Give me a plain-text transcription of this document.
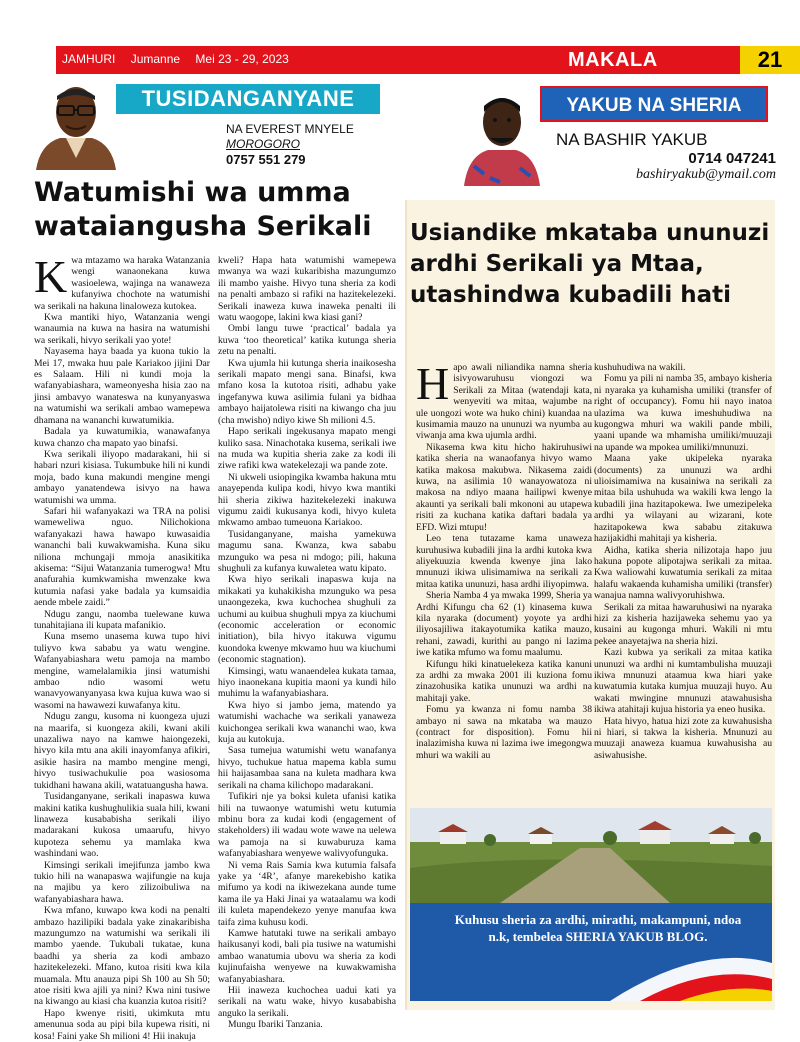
JAMHURI Jumanne Mei 23 - 29, 2023	MAKALA	21
TUSIDANGANYANE
NA EVEREST MNYELE
MOROGORO
0757 551 279
YAKUB NA SHERIA
NA BASHIR YAKUB
0714 047241
bashiryakub@ymail.com
Watumishi wa umma wataiangusha Serikali

Kwa mtazamo wa haraka Watanzania wengi wanaonekana kuwa wasioelewa, wajinga na wanaweza kufanyiwa chochote na watumishi wa serikali na hakuna linaloweza kutokea.

Kwa mantiki hiyo, Watanzania wengi wanaumia na kuwa na hasira na watumishi wa serikali, hivyo serikali yao yote!

Nayasema haya baada ya kuona tukio la Mei 17, mwaka huu pale Kariakoo jijini Dar es Salaam. Hili ni kundi moja la wafanyabiashara, wameonyesha hisia zao na jinsi ambavyo wanateswa na kunyanyaswa na watumishi wa serikali ambao wamepewa dhamana na wananchi kuwatumikia.

Badala ya kuwatumikia, wanawafanya kuwa chanzo cha mapato yao binafsi.

Kwa serikali iliyopo madarakani, hii si habari nzuri kisiasa. Tukumbuke hili ni kundi moja, bado kuna makundi mengine mengi ambayo yanatendewa isivyo na hawa watumishi wa umma.

Safari hii wafanyakazi wa TRA na polisi wameweliwa nguo. Nilichokiona wafanyakazi hawa hawapo kuwasaidia wananchi bali kuwakwamisha. Kuna siku niliona mchungaji mmoja anasikitika akisema: “Sijui Watanzania tumerogwa! Mtu anafurahia kumkwamisha mwenzake kwa kutumia nafasi yake badala ya kumsaidia aende mbele zaidi.”

Ndugu zangu, naomba tuelewane kuwa tunahitajiana ili kupata mafanikio.

Kuna msemo unasema kuwa tupo hivi tuliyvo kwa sababu ya watu wengine. Wafanyabiashara wetu pamoja na mambo mengine, wamelalamikia jinsi watumishi ambao ndio wasomi wetu wanavyowanyanyasa kwa kujua kuwa wao si wasomi na hawawezi kuwafanya kitu.

Ndugu zangu, kusoma ni kuongeza ujuzi na maarifa, si kuongeza akili, kwani akili unazaliwa nayo na kamwe haiongezeki, hivyo kila mtu ana akili inayomfanya afikiri, asikie hasira na mambo mengine mengi, hivyo tusiwachukulie poa wasiosoma tukidhani hawana akili, watatuangusha hawa.

Tusidanganyane, serikali inapaswa kuwa makini katika kushughulikia suala hili, kwani linaweza kusababisha serikali iliyo madarakani kukosa umaarufu, hivyo kupoteza sehemu ya mamlaka kwa washindani wao.

Kimsingi serikali imejifunza jambo kwa tukio hili na wanapaswa wajifungie na kuja na majibu ya kero zilizoibuliwa na wafanyabiashara hawa.

Kwa mfano, kuwapo kwa kodi na penalti ambazo hazilipiki badala yake zinakaribisha mazungumzo na watumishi wa serikali ili mambo yaende. Tukubali tukatae, kuna baadhi ya sheria za kodi ambazo hazitekelezeki. Mfano, kutoa risiti kwa kila muamala. Mtu anauza pipi Sh 100 au Sh 50; atoe risiti kwa ajili ya nini? Kwa nini tusiwe na kiwango au kiasi cha kuanzia kutoa risiti?

Hapo kwenye risiti, ukimkuta mtu amenunua soda au pipi bila kupewa risiti, ni kosa! Faini yake Sh milioni 4! Hii inakuja

kweli? Hapa hata watumishi wamepewa mwanya wa wazi kukaribisha mazungumzo ili mambo yaishe. Hivyo tuna sheria za kodi na penalti ambazo si rafiki na hazitekelezeki. Serikali inaweza kuwa inaweka penalti ili watu waogope, lakini kwa kiasi gani?

Ombi langu tuwe ‘practical’ badala ya kuwa ‘too theoretical’ katika kutunga sheria zetu na penalti.

Kwa ujumla hii kutunga sheria inaikosesha serikali mapato mengi sana. Binafsi, kwa mfano kosa la kutotoa risiti, adhabu yake ingefanywa kuwa asilimia fulani ya bidhaa ambayo haijatolewa risiti na kiwango cha juu (cha mwisho) ndiyo kiwe Sh milioni 4.5.

Hapo serikali ingekusanya mapato mengi kuliko sasa. Ninachotaka kusema, serikali iwe na muda wa kupitia sheria zake za kodi ili ziwe rafiki kwa watekelezaji wa pande zote.

Ni ukweli usiopingika kwamba hakuna mtu anayependa kulipa kodi, hivyo kwa mantiki hii sheria zikiwa hazitekelezeki inakuwa vigumu zaidi kukusanya kodi, hivyo kuleta mkwamo ambao tumeuona Kariakoo.

Tusidanganyane, maisha yamekuwa magumu sana. Kwanza, kwa sababu mzunguko wa pesa ni mdogo; pili, hakuna shughuli za kufanya kuwaletea watu kipato.

Kwa hiyo serikali inapaswa kuja na mikakati ya kuhakikisha mzunguko wa pesa unaongezeka, kwa kuchochea shughuli za uchumi au kuibua shughuli mpya za kiuchumi (economic acceleration or economic initiation), bila hivyo itakuwa vigumu kuondoka kwenye mkwamo huu wa kiuchumi (economic stagnation).

Kimsingi, watu wanaendelea kukata tamaa, hiyo inaonekana kupitia maoni ya kundi hilo muhimu la wafanyabiashara.

Kwa hiyo si jambo jema, matendo ya watumishi wachache wa serikali yanaweza kuichongea serikali kwa wananchi wao, kwa kuja au kutokuja.

Sasa tumejua watumishi wetu wanafanya hivyo, tuchukue hatua mapema kabla sumu hii haijasambaa sana na kuleta madhara kwa serikali na chama kilichopo madarakani.

Tufikiri nje ya boksi kuleta ufanisi katika hili na tuwaonye watumishi wetu kutumia mbinu bora za kudai kodi (engagement of stakeholders) ili wadau wote wawe na uelewa wa pamoja na si kuwaburuza kama wafanyabiashara wenyewe walivyofunguka.

Ni vema Rais Samia kwa kutumia falsafa yake ya ‘4R’, afanye marekebisho katika mifumo ya kodi na ikiwezekana aunde tume kama ile ya Haki Jinai ya wataalamu wa kodi ili kuleta mapendekezo yenye manufaa kwa taifa zima kuhusu kodi.

Kamwe hatutaki tuwe na serikali ambayo haikusanyi kodi, bali pia tusiwe na watumishi ambao wanatumia ubovu wa sheria za kodi kujinufaisha wenyewe na kuwakwamisha wafanyabiashara.

Hii inaweza kuchochea uadui kati ya serikali na watu wake, hivyo kusababisha anguko la serikali.

Mungu Ibariki Tanzania.

Usiandike mkataba ununuzi ardhi Serikali ya Mtaa, utashindwa kubadili hati

Hapo awali niliandika namna sheria isivyowaruhusu viongozi wa Serikali za Mitaa (watendaji kata, wenyeviti wa mitaa, wajumbe na ule uongozi wote wa huko chini) kuandaa na kusimamia mauzo na ununuzi wa nyumba au viwanja ama kwa ujumla ardhi.

Nikasema kwa kitu hicho hakiruhusiwi katika sheria na wanaofanya hivyo wamo katika makosa makubwa. Nikasema zaidi kuwa, na asilimia 10 wanayowatoza ni makosa na ndiyo maana hailipwi kwenye akaunti ya serikali bali mkononi au utapewa risiti za kuchana katika daftari badala ya EFD. Wizi mtupu!

Leo tena tutazame kama unaweza kuruhusiwa kubadili jina la ardhi kutoka kwa aliyekuuzia kwenda kwenye jina lako mnunuzi ikiwa ulisimamiwa na serikali za mitaa katika ununuzi, hasa ardhi iliyopimwa.

Sheria Namba 4 ya mwaka 1999, Sheria ya Ardhi Kifungu cha 62 (1) kinasema kuwa kila nyaraka (document) yoyote ya ardhi iliyosajiliwa itakayotumika katika mauzo, rehani, zawadi, kurithi au pango ni lazima iwe katika mfumo wa fomu maalumu.

Kifungu hiki kinatuelekeza katika kanuni za ardhi za mwaka 2001 ili kuziona fomu zinazohusika katika ununuzi wa ardhi na mahitaji yake.

Fomu ya kwanza ni fomu namba 38 ambayo ni sawa na mkataba wa mauzo (contract for disposition). Fomu hii inalazimisha kuwa ni lazima iwe imegongwa mhuri wa wakili au

kushuhudiwa na wakili.

Fomu ya pili ni namba 35, ambayo kisheria ni nyaraka ya kuhamisha umiliki (transfer of right of occupancy). Fomu hii nayo inatoa ulazima wa kuwa imeshuhudiwa na kugongwa mhuri wa wakili pande mbili, yaani upande wa mhamisha umiliki/muuzaji na upande wa mpokea umiliki/mnunuzi.

Maana yake ukipeleka nyaraka (documents) za ununuzi wa ardhi ulioisimamiwa na kusainiwa na serikali za mitaa bila ushuhuda wa wakili kwa lengo la kubadili jina hazitapokewa. Iwe umezipeleka ardhi ya wilayani au wizarani, kote hazitapokewa kwa sababu zitakuwa hazijakidhi mahitaji ya kisheria.

Aidha, katika sheria nilizotaja hapo juu hakuna popote alipotajwa serikali za mitaa. Kwa waliowahi kuwatumia serikali za mitaa halafu wakaenda kuhamisha umiliki (transfer) wanajua namna walivyoruhishwa.

Serikali za mitaa hawaruhusiwi na nyaraka hizi za kisheria hazijaweka sehemu yao ya kusaini au kugonga mhuri. Wakili ni mtu pekee anayetajwa na sheria hizi.

Kazi kubwa ya serikali za mitaa katika ununuzi wa ardhi ni kumtambulisha muuzaji ikiwa mnunuzi ataamua kwa hiari yake kuwatumia kutaka kumjua muuzaji huyo. Au wakati mwingine mnunuzi atawahusisha ikiwa atahitaji kujua historia ya eneo husika.

Hata hivyo, hatua hizi zote za kuwahusisha ni hiari, si takwa la kisheria. Mnunuzi au muuzaji anaweza kuamua kuwahusisha au asiwahusishe.

Kuhusu sheria za ardhi, mirathi, makampuni, ndoa n.k, tembelea SHERIA YAKUB BLOG.
